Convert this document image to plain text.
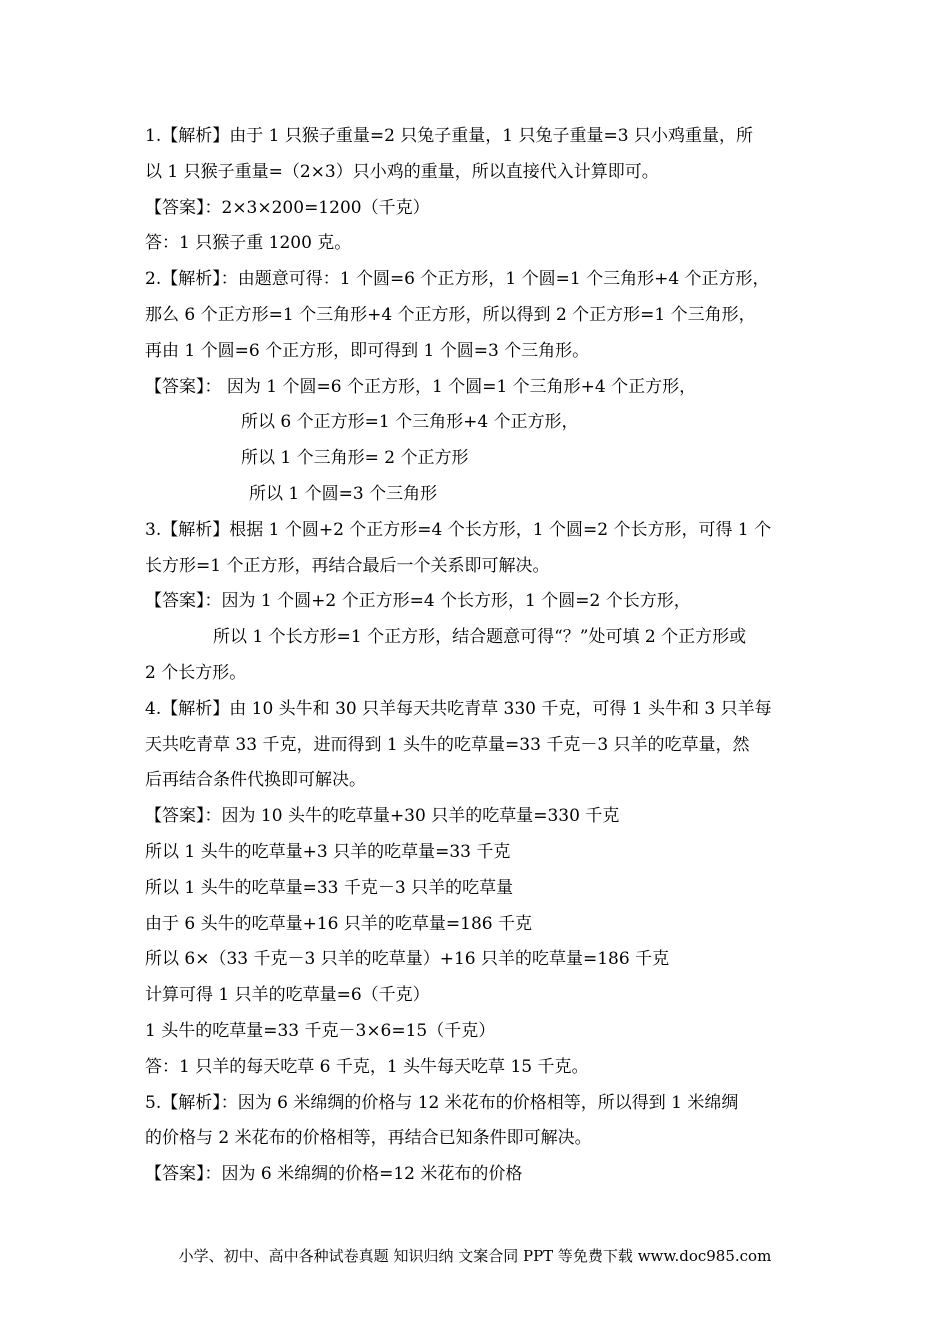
1.【解析】由于 1 只猴子重量=2 只兔子重量，1 只兔子重量=3 只小鸡重量，所
以 1 只猴子重量=（2×3）只小鸡的重量，所以直接代入计算即可。
【答案】：2×3×200=1200（千克）
答：1 只猴子重 1200 克。
2.【解析】：由题意可得：1 个圆=6 个正方形，1 个圆=1 个三角形+4 个正方形，
那么 6 个正方形=1 个三角形+4 个正方形，所以得到 2 个正方形=1 个三角形，
再由 1 个圆=6 个正方形，即可得到 1 个圆=3 个三角形。
【答案】： 因为 1 个圆=6 个正方形，1 个圆=1 个三角形+4 个正方形，
所以 6 个正方形=1 个三角形+4 个正方形，
所以 1 个三角形= 2 个正方形
所以 1 个圆=3 个三角形
3.【解析】根据 1 个圆+2 个正方形=4 个长方形，1 个圆=2 个长方形，可得 1 个
长方形=1 个正方形，再结合最后一个关系即可解决。
【答案】：因为 1 个圆+2 个正方形=4 个长方形，1 个圆=2 个长方形，
所以 1 个长方形=1 个正方形，结合题意可得“？”处可填 2 个正方形或
2 个长方形。
4.【解析】由 10 头牛和 30 只羊每天共吃青草 330 千克，可得 1 头牛和 3 只羊每
天共吃青草 33 千克，进而得到 1 头牛的吃草量=33 千克－3 只羊的吃草量，然
后再结合条件代换即可解决。
【答案】：因为 10 头牛的吃草量+30 只羊的吃草量=330 千克
所以 1 头牛的吃草量+3 只羊的吃草量=33 千克
所以 1 头牛的吃草量=33 千克－3 只羊的吃草量
由于 6 头牛的吃草量+16 只羊的吃草量=186 千克
所以 6×（33 千克－3 只羊的吃草量）+16 只羊的吃草量=186 千克
计算可得 1 只羊的吃草量=6（千克）
1 头牛的吃草量=33 千克－3×6=15（千克）
答：1 只羊的每天吃草 6 千克，1 头牛每天吃草 15 千克。
5.【解析】：因为 6 米绵绸的价格与 12 米花布的价格相等，所以得到 1 米绵绸
的价格与 2 米花布的价格相等，再结合已知条件即可解决。
【答案】：因为 6 米绵绸的价格=12 米花布的价格
小学、初中、高中各种试卷真题 知识归纳 文案合同 PPT 等免费下载 www.doc985.com
